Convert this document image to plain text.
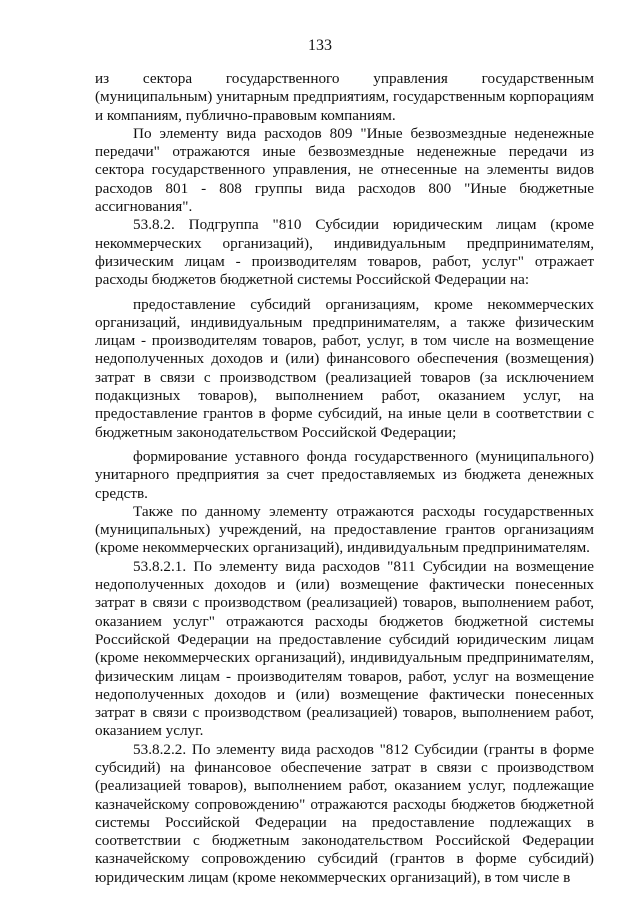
133

из сектора государственного управления государственным (муниципальным) унитарным предприятиям, государственным корпорациям и компаниям, публично-правовым компаниям.

По элементу вида расходов 809 "Иные безвозмездные неденежные передачи" отражаются иные безвозмездные неденежные передачи из сектора государственного управления, не отнесенные на элементы видов расходов 801 - 808 группы вида расходов 800 "Иные бюджетные ассигнования".

53.8.2. Подгруппа "810 Субсидии юридическим лицам (кроме некоммерческих организаций), индивидуальным предпринимателям, физическим лицам - производителям товаров, работ, услуг" отражает расходы бюджетов бюджетной системы Российской Федерации на:

предоставление субсидий организациям, кроме некоммерческих организаций, индивидуальным предпринимателям, а также физическим лицам - производителям товаров, работ, услуг, в том числе на возмещение недополученных доходов и (или) финансового обеспечения (возмещения) затрат в связи с производством (реализацией товаров (за исключением подакцизных товаров), выполнением работ, оказанием услуг, на предоставление грантов в форме субсидий, на иные цели в соответствии с бюджетным законодательством Российской Федерации;

формирование уставного фонда государственного (муниципального) унитарного предприятия за счет предоставляемых из бюджета денежных средств.

Также по данному элементу отражаются расходы государственных (муниципальных) учреждений, на предоставление грантов организациям (кроме некоммерческих организаций), индивидуальным предпринимателям.

53.8.2.1. По элементу вида расходов "811 Субсидии на возмещение недополученных доходов и (или) возмещение фактически понесенных затрат в связи с производством (реализацией) товаров, выполнением работ, оказанием услуг" отражаются расходы бюджетов бюджетной системы Российской Федерации на предоставление субсидий юридическим лицам (кроме некоммерческих организаций), индивидуальным предпринимателям, физическим лицам - производителям товаров, работ, услуг на возмещение недополученных доходов и (или) возмещение фактически понесенных затрат в связи с производством (реализацией) товаров, выполнением работ, оказанием услуг.

53.8.2.2. По элементу вида расходов "812 Субсидии (гранты в форме субсидий) на финансовое обеспечение затрат в связи с производством (реализацией товаров), выполнением работ, оказанием услуг, подлежащие казначейскому сопровождению" отражаются расходы бюджетов бюджетной системы Российской Федерации на предоставление подлежащих в соответствии с бюджетным законодательством Российской Федерации казначейскому сопровождению субсидий (грантов в форме субсидий) юридическим лицам (кроме некоммерческих организаций), в том числе в
